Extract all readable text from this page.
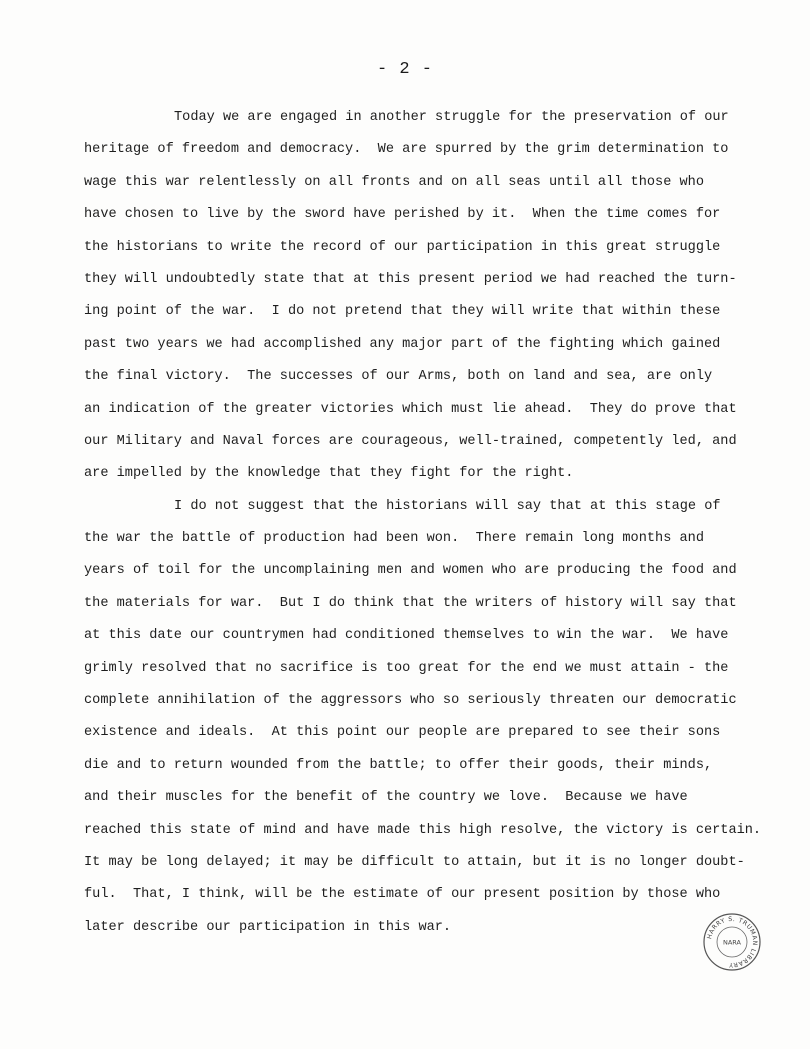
- 2 -
Today we are engaged in another struggle for the preservation of our
heritage of freedom and democracy.  We are spurred by the grim determination to
wage this war relentlessly on all fronts and on all seas until all those who
have chosen to live by the sword have perished by it.  When the time comes for
the historians to write the record of our participation in this great struggle
they will undoubtedly state that at this present period we had reached the turn-
ing point of the war.  I do not pretend that they will write that within these
past two years we had accomplished any major part of the fighting which gained
the final victory.  The successes of our Arms, both on land and sea, are only
an indication of the greater victories which must lie ahead.  They do prove that
our Military and Naval forces are courageous, well-trained, competently led, and
are impelled by the knowledge that they fight for the right.
I do not suggest that the historians will say that at this stage of
the war the battle of production had been won.  There remain long months and
years of toil for the uncomplaining men and women who are producing the food and
the materials for war.  But I do think that the writers of history will say that
at this date our countrymen had conditioned themselves to win the war.  We have
grimly resolved that no sacrifice is too great for the end we must attain - the
complete annihilation of the aggressors who so seriously threaten our democratic
existence and ideals.  At this point our people are prepared to see their sons
die and to return wounded from the battle; to offer their goods, their minds,
and their muscles for the benefit of the country we love.  Because we have
reached this state of mind and have made this high resolve, the victory is certain.
It may be long delayed; it may be difficult to attain, but it is no longer doubt-
ful.  That, I think, will be the estimate of our present position by those who
later describe our participation in this war.
HARRY S. TRUMAN LIBRARY
NARA
